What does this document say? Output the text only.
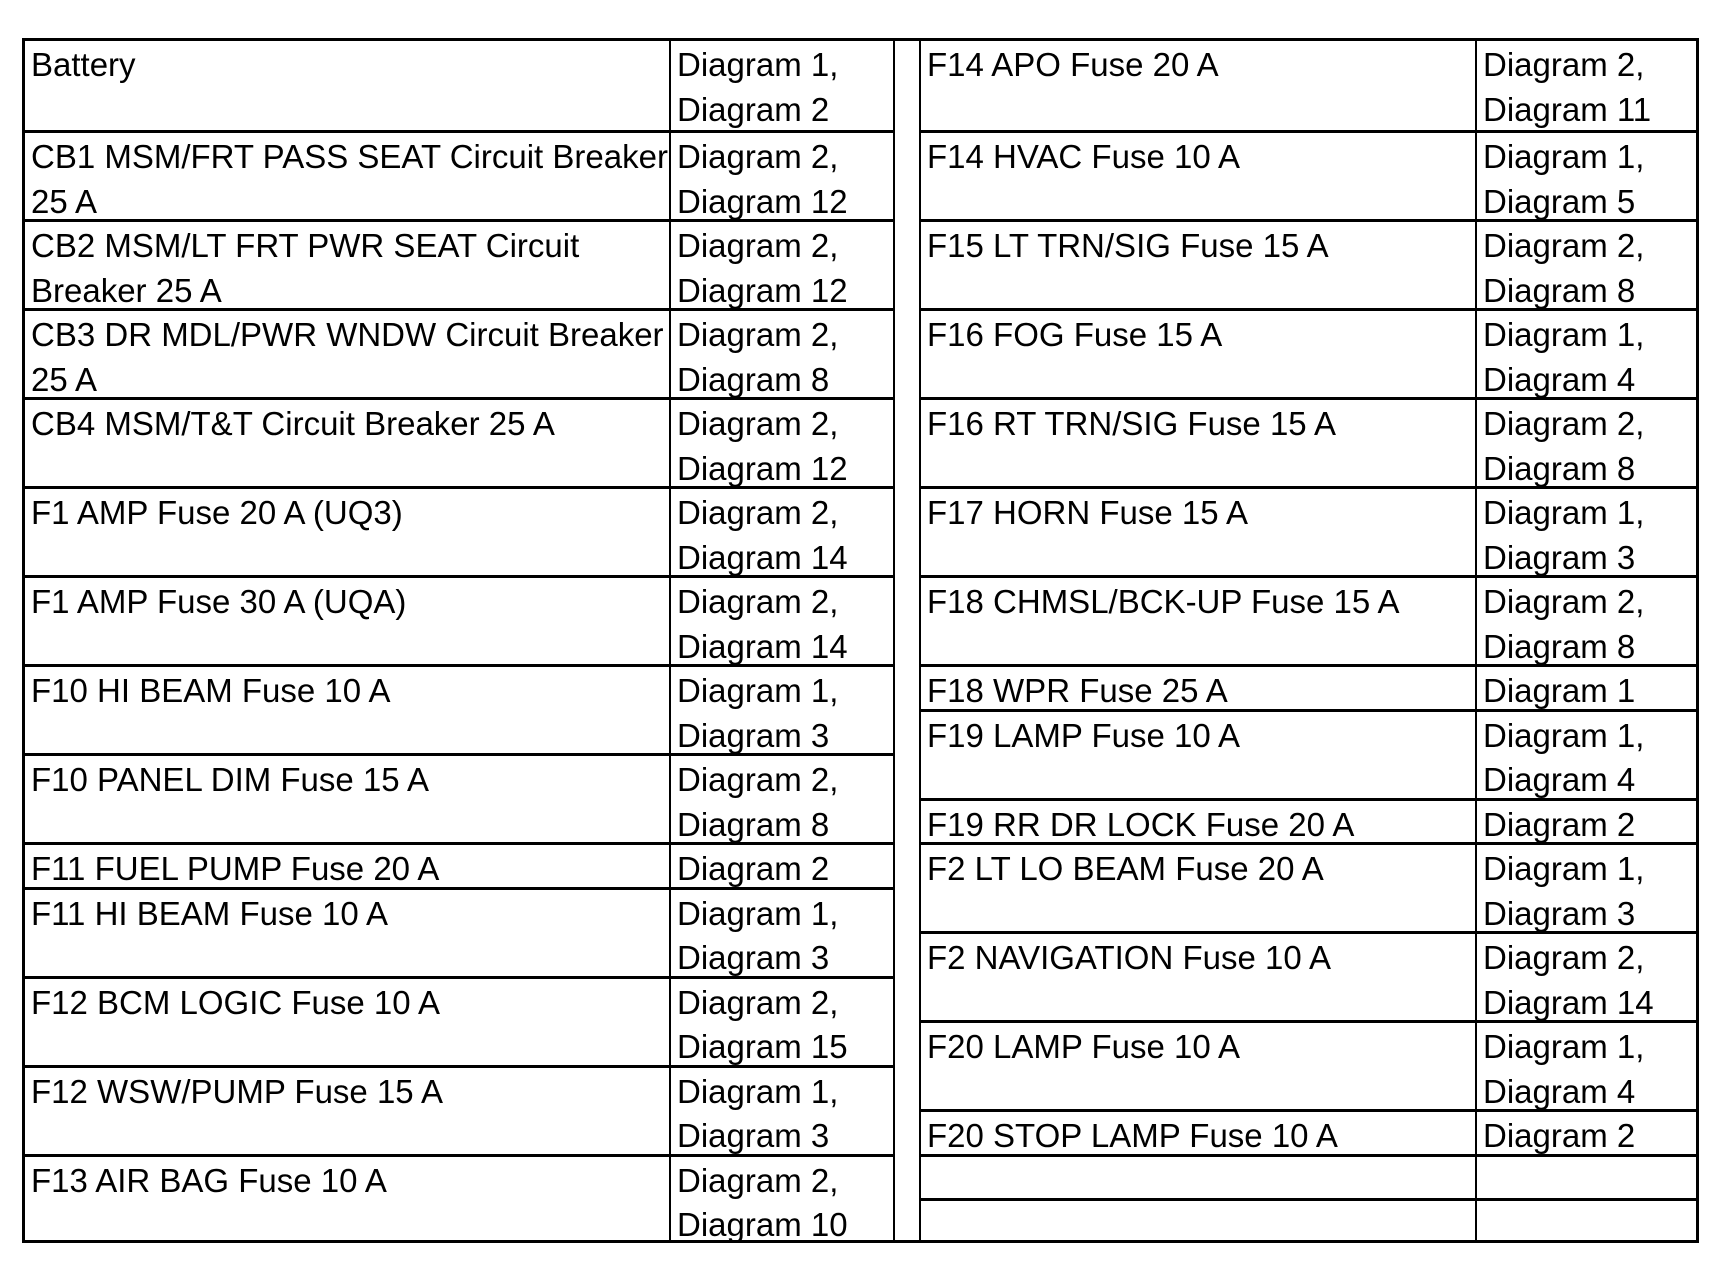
Battery
CB1 MSM/FRT PASS SEAT Circuit Breaker 25 A
CB2 MSM/LT FRT PWR SEAT Circuit Breaker 25 A
CB3 DR MDL/PWR WNDW Circuit Breaker 25 A
CB4 MSM/T&T Circuit Breaker 25 A
F1 AMP Fuse 20 A (UQ3)
F1 AMP Fuse 30 A (UQA)
F10 HI BEAM Fuse 10 A
F10 PANEL DIM Fuse 15 A
F11 FUEL PUMP Fuse 20 A
F11 HI BEAM Fuse 10 A
F12 BCM LOGIC Fuse 10 A
F12 WSW/PUMP Fuse 15 A
F13 AIR BAG Fuse 10 A
Diagram 1, Diagram 2
Diagram 2, Diagram 12
Diagram 2, Diagram 12
Diagram 2, Diagram 8
Diagram 2, Diagram 12
Diagram 2, Diagram 14
Diagram 2, Diagram 14
Diagram 1, Diagram 3
Diagram 2, Diagram 8
Diagram 2
Diagram 1, Diagram 3
Diagram 2, Diagram 15
Diagram 1, Diagram 3
Diagram 2, Diagram 10
F14 APO Fuse 20 A
F14 HVAC Fuse 10 A
F15 LT TRN/SIG Fuse 15 A
F16 FOG Fuse 15 A
F16 RT TRN/SIG Fuse 15 A
F17 HORN Fuse 15 A
F18 CHMSL/BCK-UP Fuse 15 A
F18 WPR Fuse 25 A
F19 LAMP Fuse 10 A
F19 RR DR LOCK Fuse 20 A
F2 LT LO BEAM Fuse 20 A
F2 NAVIGATION Fuse 10 A
F20 LAMP Fuse 10 A
F20 STOP LAMP Fuse 10 A
Diagram 2, Diagram 11
Diagram 1, Diagram 5
Diagram 2, Diagram 8
Diagram 1, Diagram 4
Diagram 2, Diagram 8
Diagram 1, Diagram 3
Diagram 2, Diagram 8
Diagram 1
Diagram 1, Diagram 4
Diagram 2
Diagram 1, Diagram 3
Diagram 2, Diagram 14
Diagram 1, Diagram 4
Diagram 2
